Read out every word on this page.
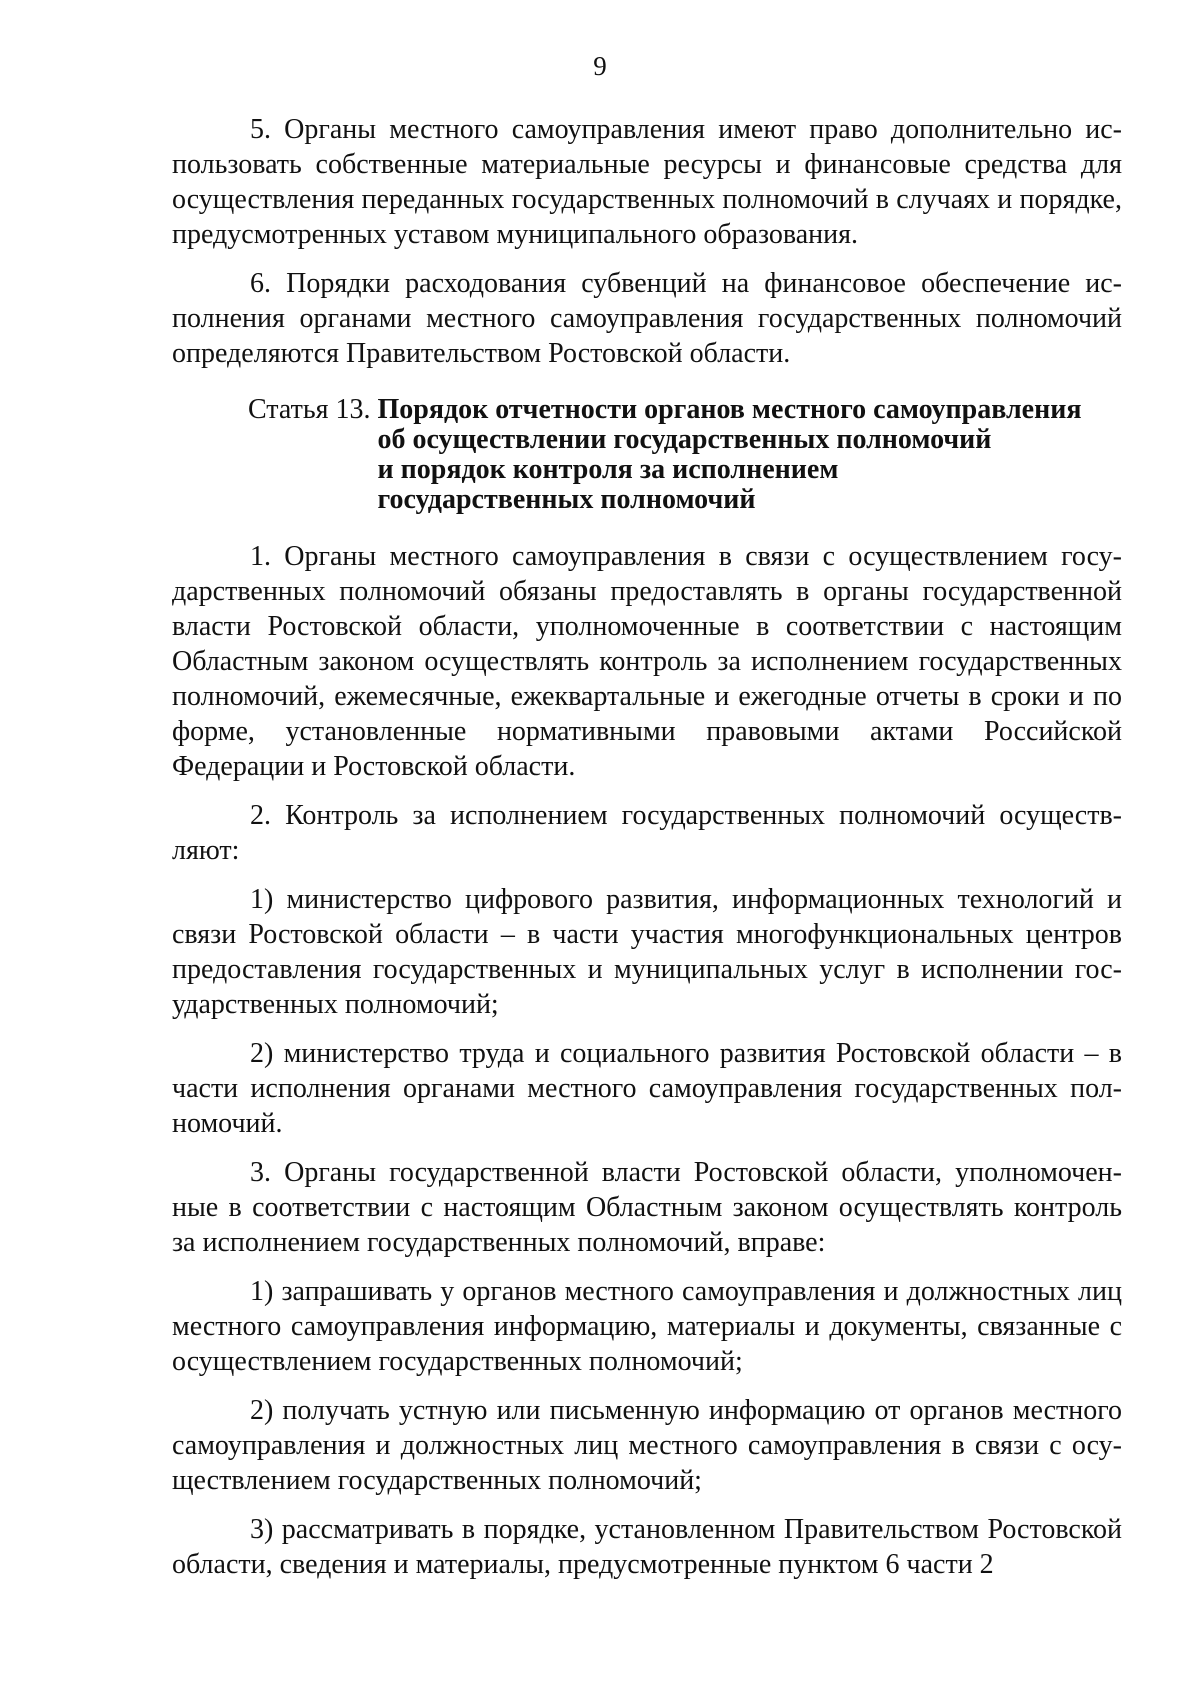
9

5. Органы местного самоуправления имеют право дополнительно использовать собственные материальные ресурсы и финансовые средства для осуществления переданных государственных полномочий в случаях и порядке, предусмотренных уставом муниципального образования.

6. Порядки расходования субвенций на финансовое обеспечение исполнения органами местного самоуправления государственных полномочий определяются Правительством Ростовской области.

Статья 13. Порядок отчетности органов местного самоуправления
об осуществлении государственных полномочий
и порядок контроля за исполнением
государственных полномочий

1. Органы местного самоуправления в связи с осуществлением государственных полномочий обязаны предоставлять в органы государственной власти Ростовской области, уполномоченные в соответствии с настоящим Областным законом осуществлять контроль за исполнением государственных полномочий, ежемесячные, ежеквартальные и ежегодные отчеты в сроки и по форме, установленные нормативными правовыми актами Российской Федерации и Ростовской области.

2. Контроль за исполнением государственных полномочий осуществляют:

1) министерство цифрового развития, информационных технологий и связи Ростовской области – в части участия многофункциональных центров предоставления государственных и муниципальных услуг в исполнении государственных полномочий;

2) министерство труда и социального развития Ростовской области – в части исполнения органами местного самоуправления государственных полномочий.

3. Органы государственной власти Ростовской области, уполномоченные в соответствии с настоящим Областным законом осуществлять контроль за исполнением государственных полномочий, вправе:

1) запрашивать у органов местного самоуправления и должностных лиц местного самоуправления информацию, материалы и документы, связанные с осуществлением государственных полномочий;

2) получать устную или письменную информацию от органов местного самоуправления и должностных лиц местного самоуправления в связи с осуществлением государственных полномочий;

3) рассматривать в порядке, установленном Правительством Ростовской области, сведения и материалы, предусмотренные пунктом 6 части 2
